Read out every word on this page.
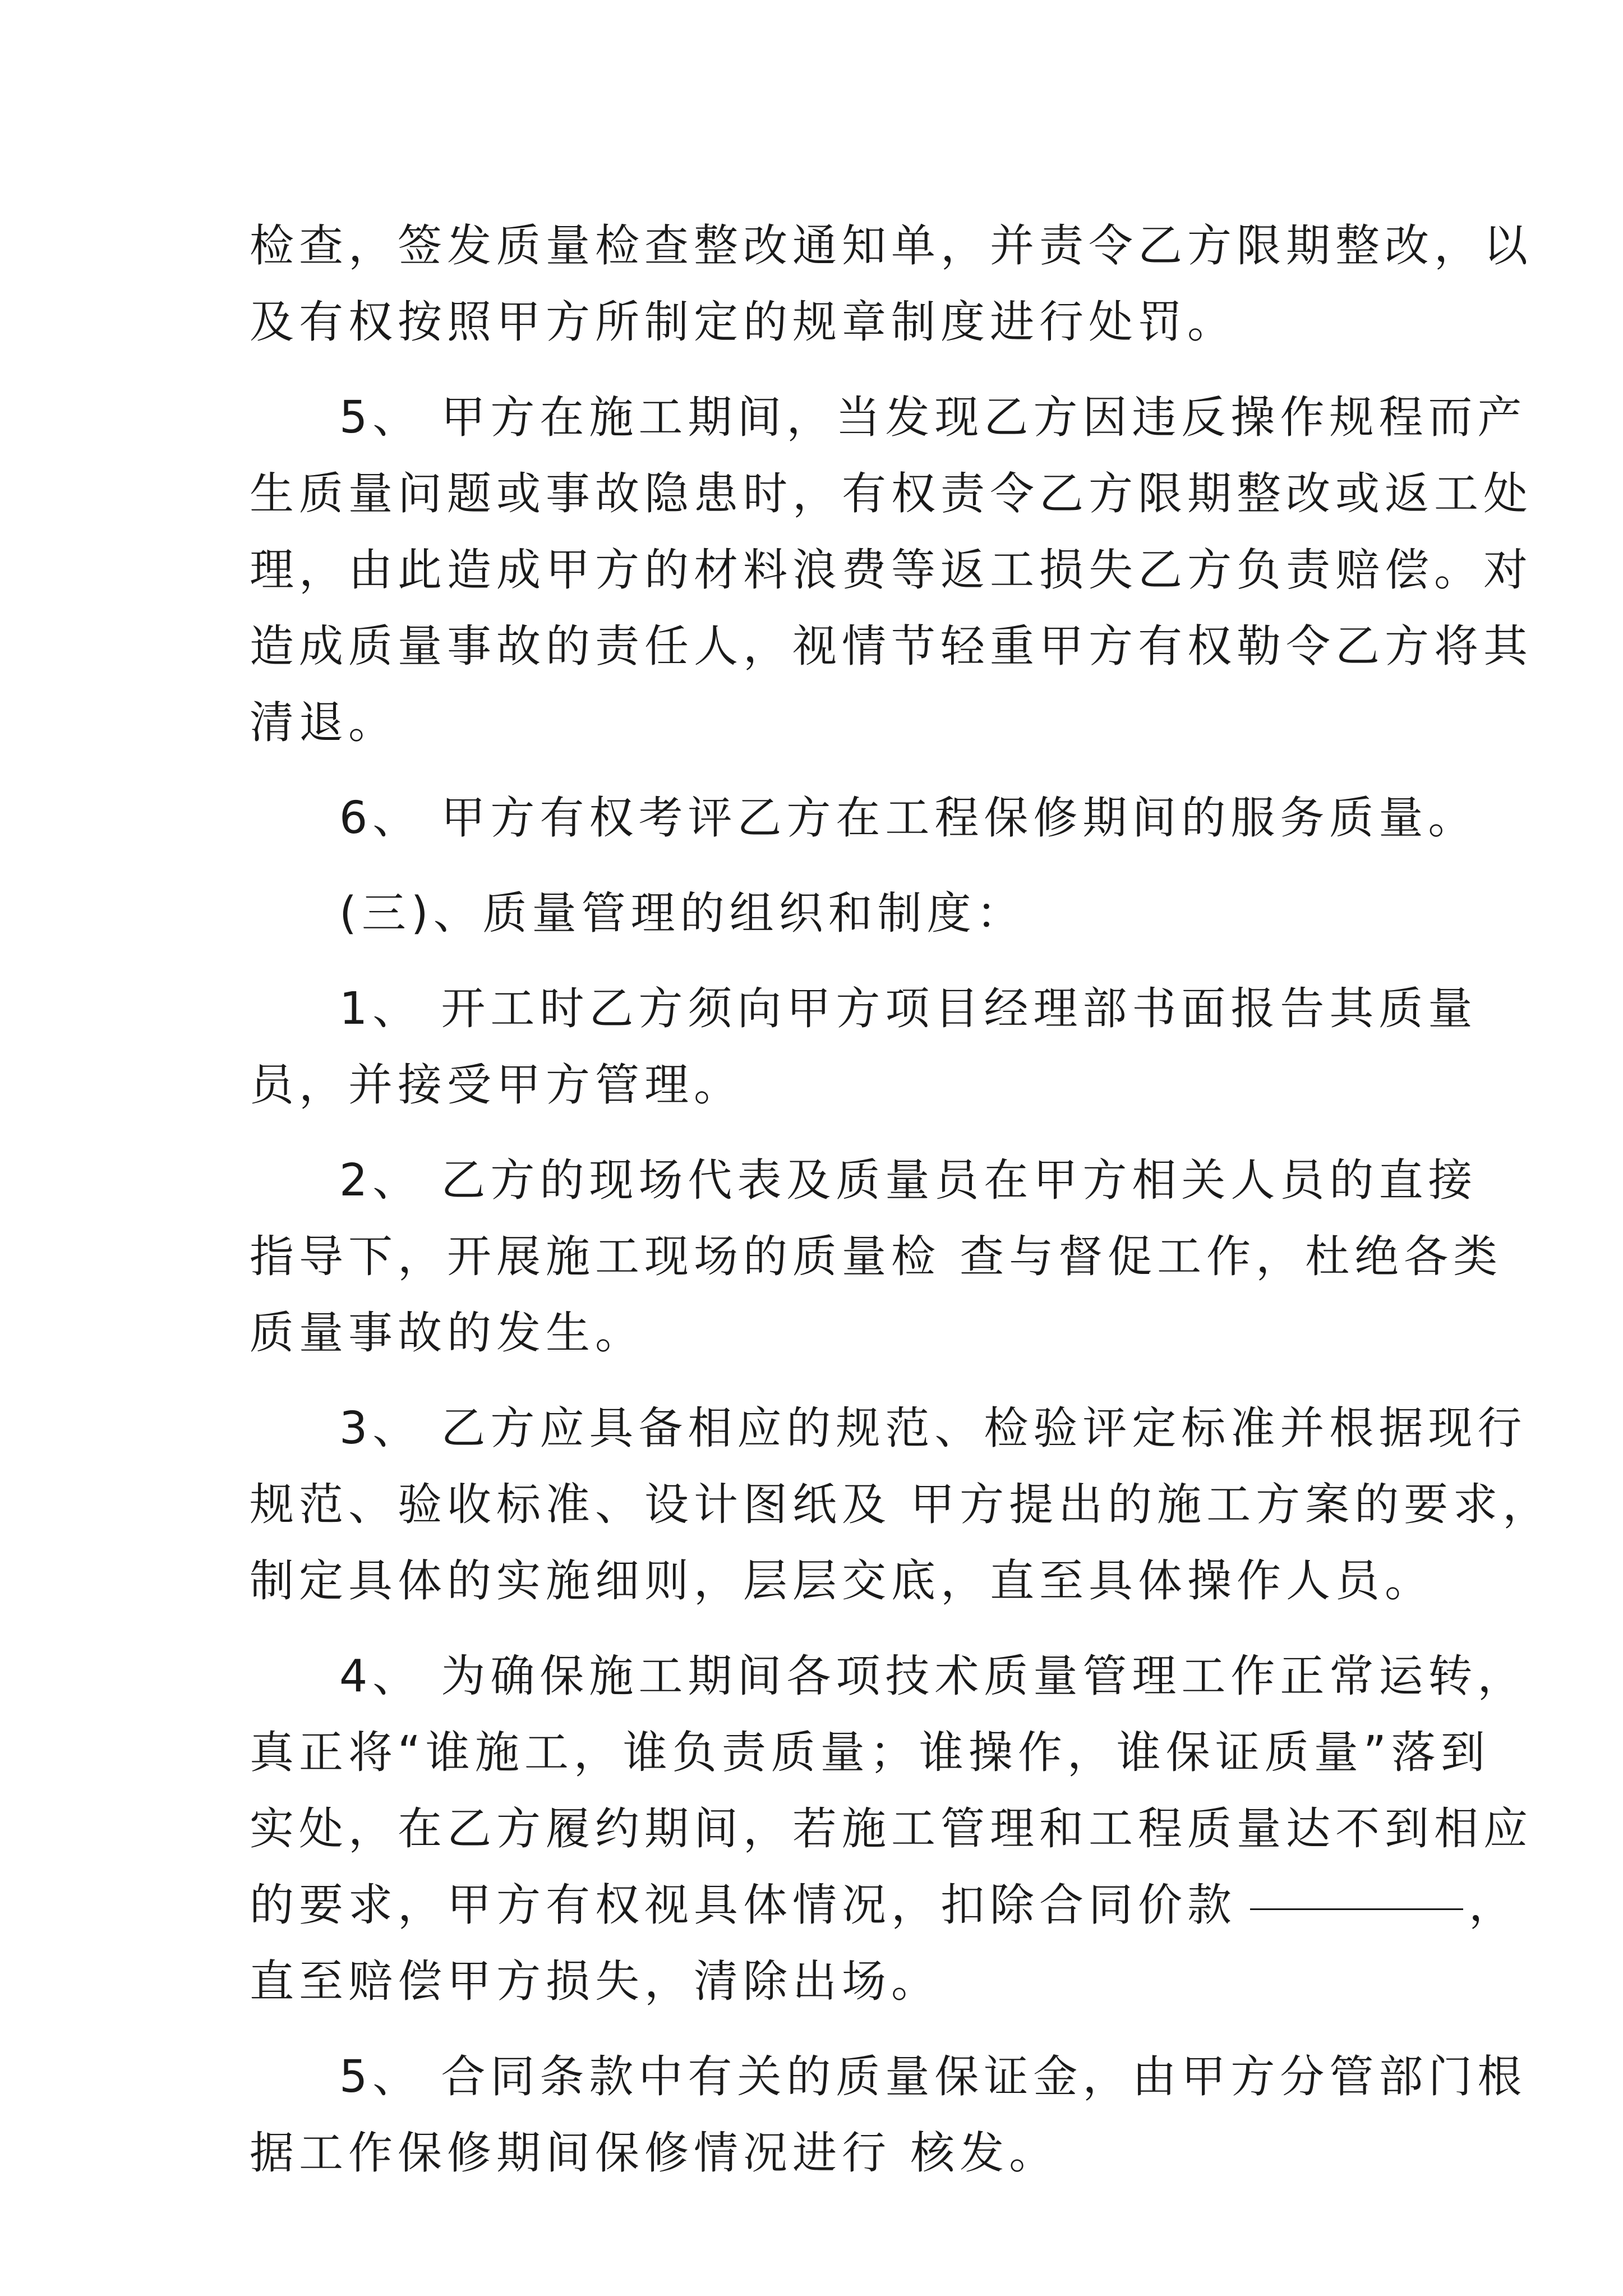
检查，签发质量检查整改通知单，并责令乙方限期整改，以
及有权按照甲方所制定的规章制度进行处罚。
5、 甲方在施工期间，当发现乙方因违反操作规程而产
生质量问题或事故隐患时，有权责令乙方限期整改或返工处
理，由此造成甲方的材料浪费等返工损失乙方负责赔偿。对
造成质量事故的责任人，视情节轻重甲方有权勒令乙方将其
清退。
6、 甲方有权考评乙方在工程保修期间的服务质量。
(三)、质量管理的组织和制度：
1、 开工时乙方须向甲方项目经理部书面报告其质量
员，并接受甲方管理。
2、 乙方的现场代表及质量员在甲方相关人员的直接
指导下，开展施工现场的质量检 查与督促工作，杜绝各类
质量事故的发生。
3、 乙方应具备相应的规范、检验评定标准并根据现行
规范、验收标准、设计图纸及 甲方提出的施工方案的要求，
制定具体的实施细则，层层交底，直至具体操作人员。
4、 为确保施工期间各项技术质量管理工作正常运转，
真正将“谁施工，谁负责质量；谁操作，谁保证质量”落到
实处，在乙方履约期间，若施工管理和工程质量达不到相应
的要求，甲方有权视具体情况，扣除合同价款	，
直至赔偿甲方损失，清除出场。
5、 合同条款中有关的质量保证金，由甲方分管部门根
据工作保修期间保修情况进行 核发。
